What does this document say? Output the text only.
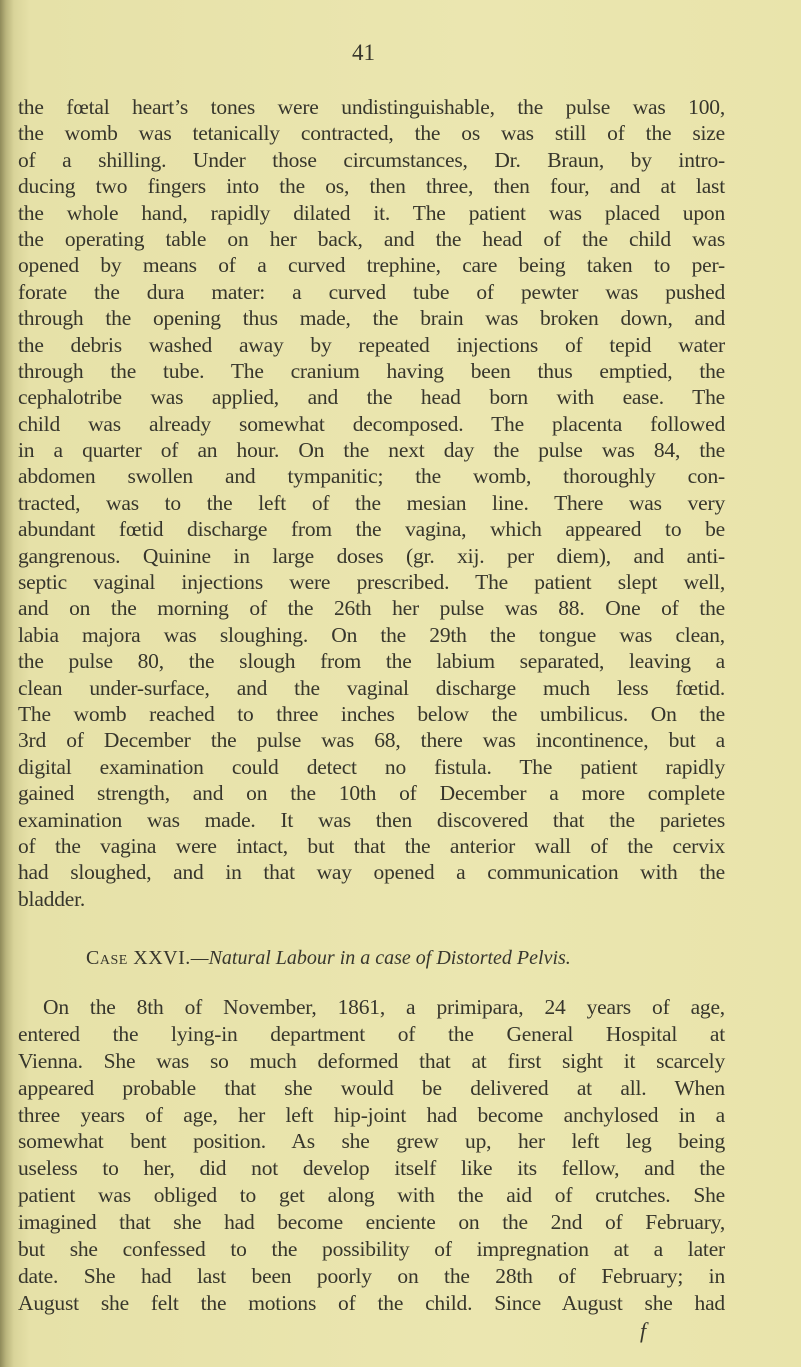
41
the fœtal heart’s tones were undistinguishable, the pulse was 100,
the womb was tetanically contracted, the os was still of the size
of a shilling. Under those circumstances, Dr. Braun, by intro-
ducing two fingers into the os, then three, then four, and at last
the whole hand, rapidly dilated it. The patient was placed upon
the operating table on her back, and the head of the child was
opened by means of a curved trephine, care being taken to per-
forate the dura mater: a curved tube of pewter was pushed
through the opening thus made, the brain was broken down, and
the debris washed away by repeated injections of tepid water
through the tube. The cranium having been thus emptied, the
cephalotribe was applied, and the head born with ease. The
child was already somewhat decomposed. The placenta followed
in a quarter of an hour. On the next day the pulse was 84, the
abdomen swollen and tympanitic; the womb, thoroughly con-
tracted, was to the left of the mesian line. There was very
abundant fœtid discharge from the vagina, which appeared to be
gangrenous. Quinine in large doses (gr. xij. per diem), and anti-
septic vaginal injections were prescribed. The patient slept well,
and on the morning of the 26th her pulse was 88. One of the
labia majora was sloughing. On the 29th the tongue was clean,
the pulse 80, the slough from the labium separated, leaving a
clean under-surface, and the vaginal discharge much less fœtid.
The womb reached to three inches below the umbilicus. On the
3rd of December the pulse was 68, there was incontinence, but a
digital examination could detect no fistula. The patient rapidly
gained strength, and on the 10th of December a more complete
examination was made. It was then discovered that the parietes
of the vagina were intact, but that the anterior wall of the cervix
had sloughed, and in that way opened a communication with the
bladder.
Case XXVI.—Natural Labour in a case of Distorted Pelvis.
On the 8th of November, 1861, a primipara, 24 years of age,
entered the lying-in department of the General Hospital at
Vienna. She was so much deformed that at first sight it scarcely
appeared probable that she would be delivered at all. When
three years of age, her left hip-joint had become anchylosed in a
somewhat bent position. As she grew up, her left leg being
useless to her, did not develop itself like its fellow, and the
patient was obliged to get along with the aid of crutches. She
imagined that she had become enciente on the 2nd of February,
but she confessed to the possibility of impregnation at a later
date. She had last been poorly on the 28th of February; in
August she felt the motions of the child. Since August she had
f
